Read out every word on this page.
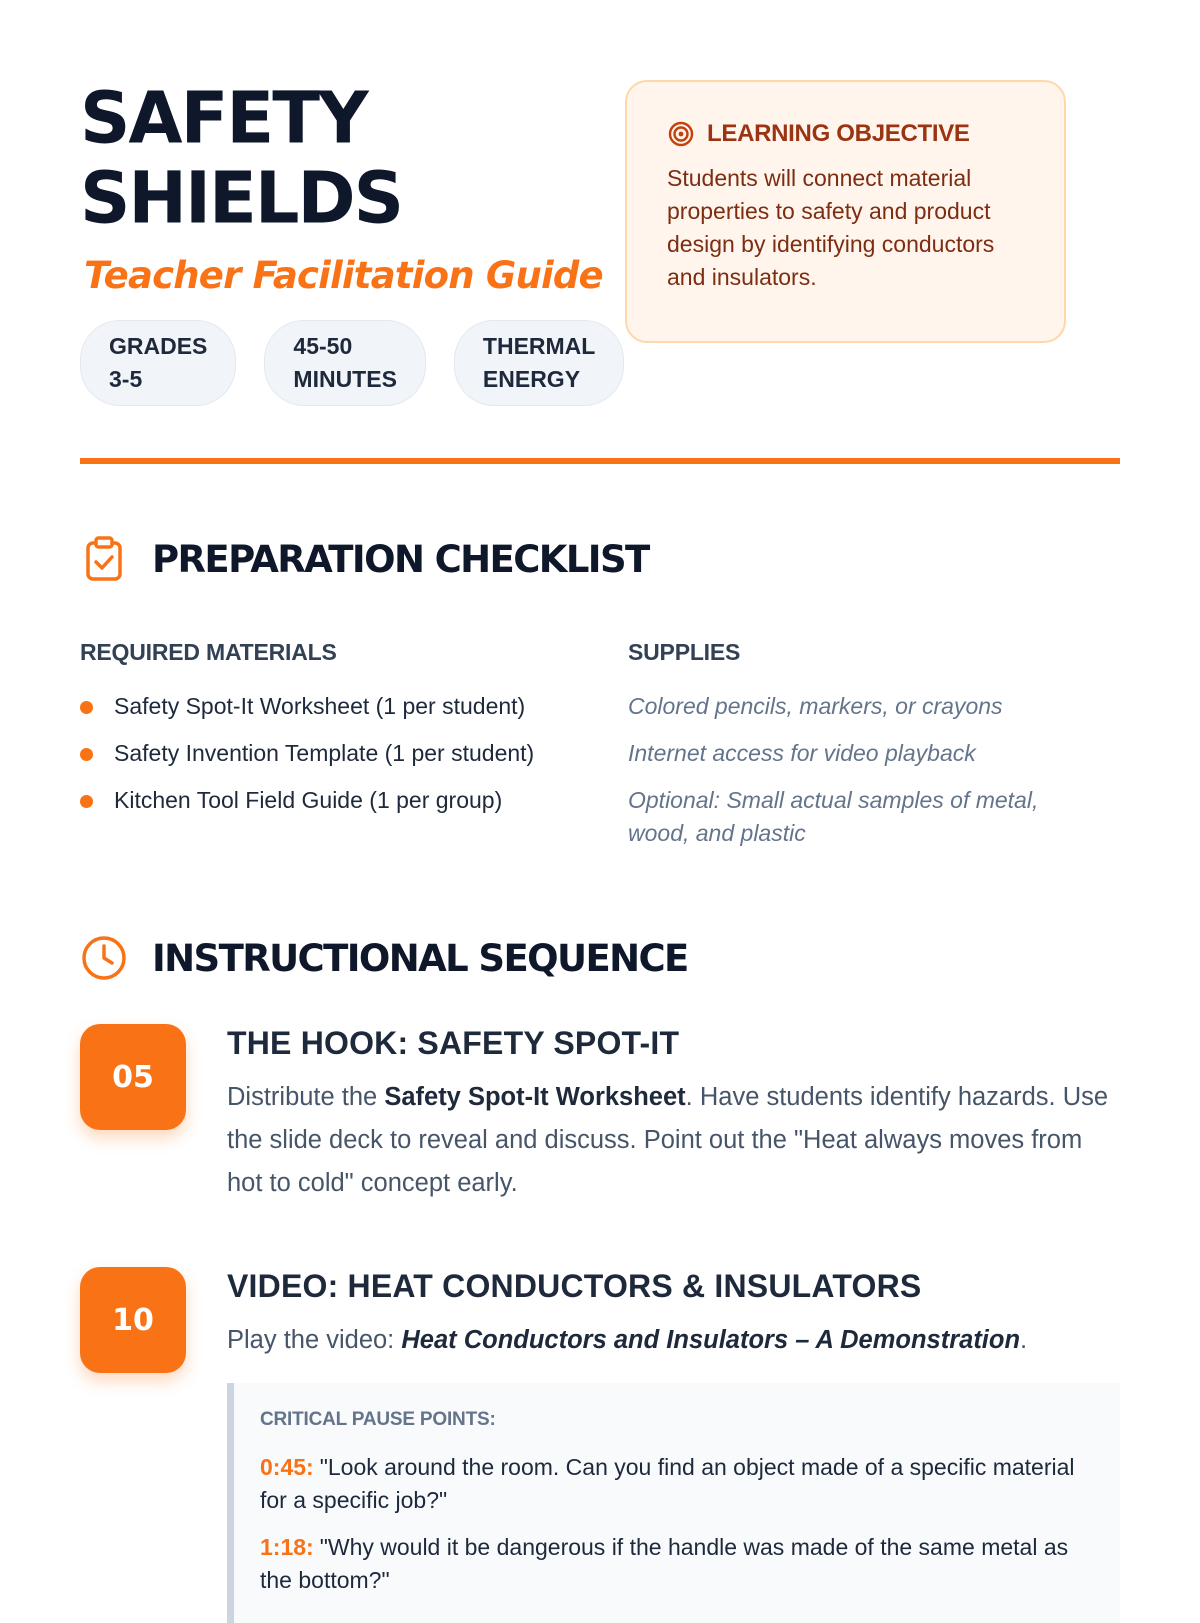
SAFETY
SHIELDS
Teacher Facilitation Guide
GRADES
3-5
45-50
MINUTES
THERMAL
ENERGY
LEARNING OBJECTIVE
Students will connect material properties to safety and product design by identifying conductors and insulators.
PREPARATION CHECKLIST
REQUIRED MATERIALS	SUPPLIES
Safety Spot-It Worksheet (1 per student)
Safety Invention Template (1 per student)
Kitchen Tool Field Guide (1 per group)
Colored pencils, markers, or crayons
Internet access for video playback
Optional: Small actual samples of metal, wood, and plastic
INSTRUCTIONAL SEQUENCE
05
THE HOOK: SAFETY SPOT-IT
Distribute the Safety Spot-It Worksheet. Have students identify hazards. Use the slide deck to reveal and discuss. Point out the "Heat always moves from hot to cold" concept early.
10
VIDEO: HEAT CONDUCTORS & INSULATORS
Play the video: Heat Conductors and Insulators – A Demonstration.
CRITICAL PAUSE POINTS:
0:45: "Look around the room. Can you find an object made of a specific material for a specific job?"
1:18: "Why would it be dangerous if the handle was made of the same metal as the bottom?"
